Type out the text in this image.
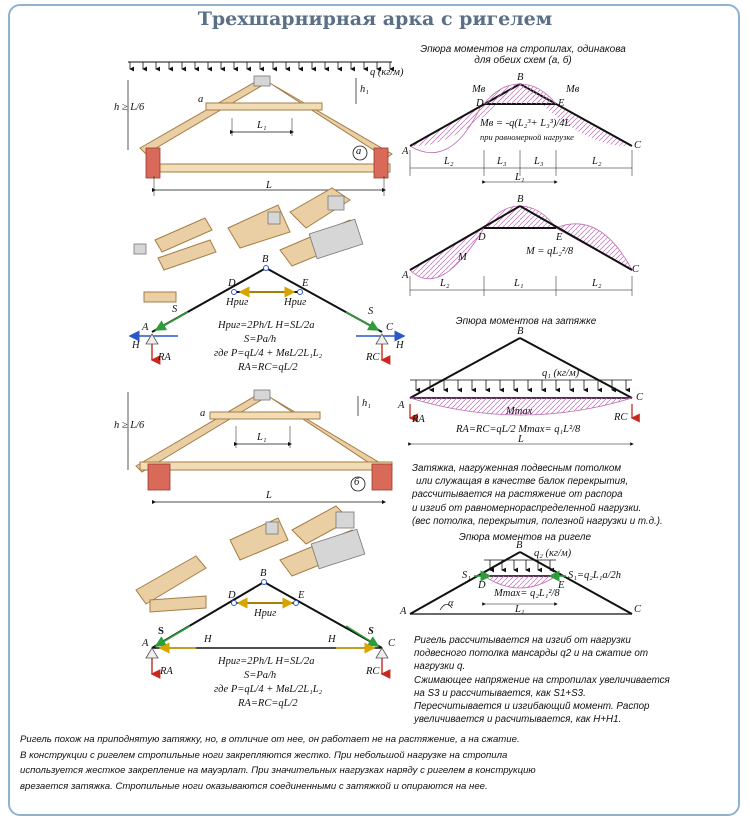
Трехшарнирная арка с ригелем
q (кг/м)
h ≥ L/6
a
h₁
L₁
L
а
B
D	E
A	C
S	S
H	H
Hриг	Hриг
RA	RC
Hриг=2Ph/L H=SL/2a
S=Pa/h
где P=qL/4 + MвL/2L₁L₂
RA=RC=qL/2
h ≥ L/6
a
h₁
L₁
L
б
B
D	E
A	C
S	S
H	H
Hриг
RA	RC
Hриг=2Ph/L H=SL/2a
S=Pa/h
где P=qL/4 + MвL/2L₁L₂
RA=RC=qL/2
Эпюра моментов на стропилах, одинакова для обеих схем (а, б)
Mв	Mв
B
D	E
A
C
Mв = -q(L₂³+ L₃³)/4L
при равномерной нагрузке
L₂	L₃	L₃	L₂
L₁
B
D	E
A
C
M
M = qL₂²/8
L₂	L₁	L₂
Эпюра моментов на затяжке
q₁ (кг/м)
B
A
C
Mmax
RA	RC
RA=RC=qL/2 Mmax= q₁L²/8
L
Затяжка, нагруженная подвесным потолком
или служащая в качестве балок перекрытия,
рассчитывается на растяжение от распора
и изгиб от равномернораспределенной нагрузки.
(вес потолка, перекрытия, полезной нагрузки и т.д.).
Эпюра моментов на ригеле
q₂ (кг/м)
B
D	E
A	C
S₁	S₁=q₂L₁a/2h
α
Mmax= q₂L₁²/8
L₁
Ригель рассчитывается на изгиб от нагрузки
подвесного потолка мансарды q2 и на сжатие от
нагрузки q.
Сжимающее напряжение на стропилах увеличивается
на S3 и рассчитывается, как S1+S3.
Пересчитывается и изгибающий момент. Распор
увеличивается и расчитывается, как H+H1.
Ригель похож на приподнятую затяжку, но, в отличие от нее, он работает не на растяжение, а на сжатие.
В конструкции с ригелем стропильные ноги закрепляются жестко. При небольшой нагрузке на стропила
используется жесткое закрепление на мауэрлат. При значительных нагрузках наряду с ригелем в конструкцию
врезается затяжка. Стропильные ноги оказываются соединенными с затяжкой и опираются на нее.
